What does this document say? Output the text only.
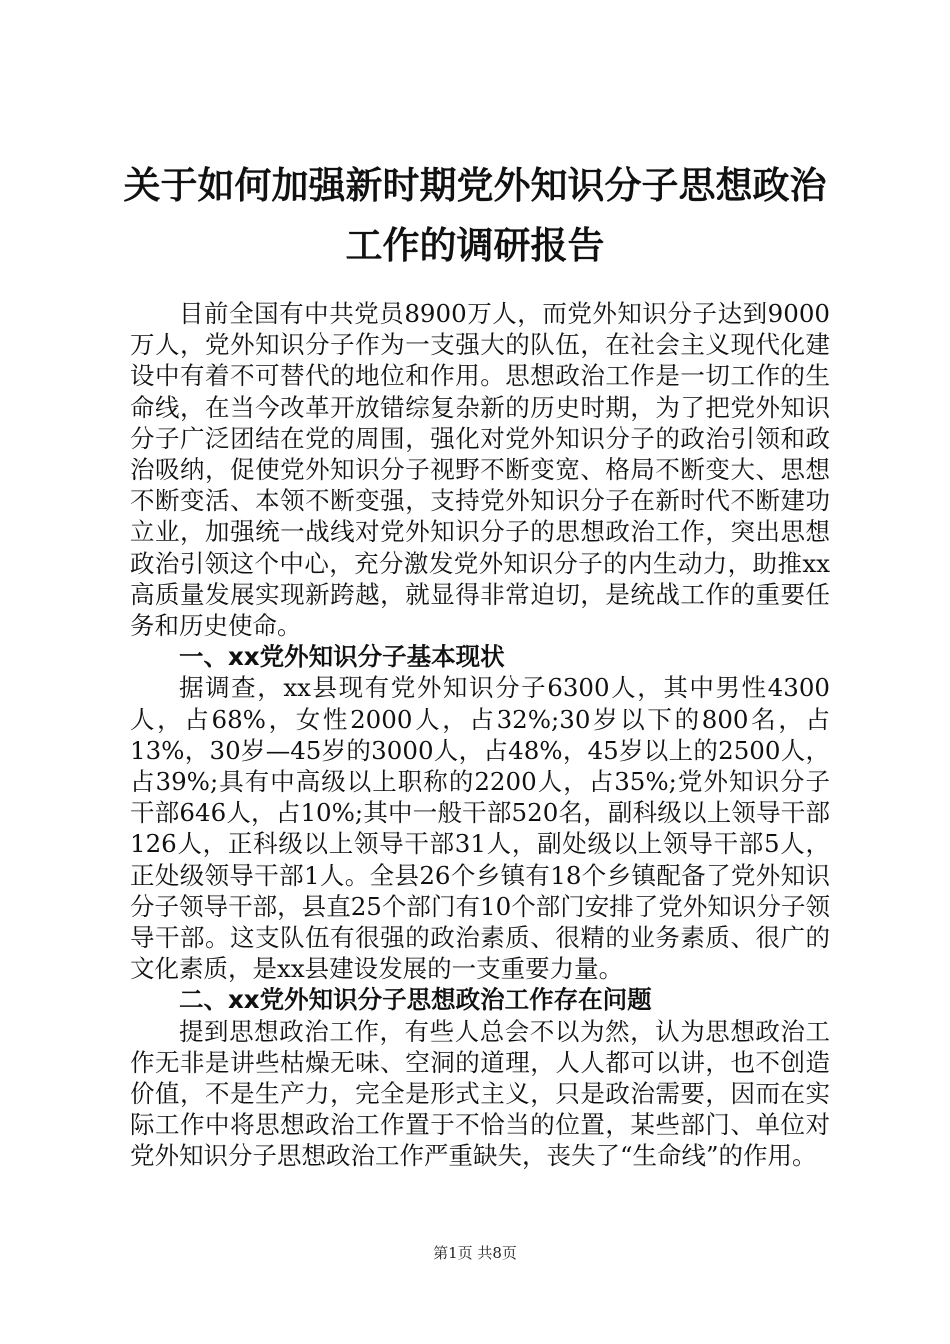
关于如何加强新时期党外知识分子思想政治工作的调研报告

目前全国有中共党员8900万人，而党外知识分子达到9000万人，党外知识分子作为一支强大的队伍，在社会主义现代化建设中有着不可替代的地位和作用。思想政治工作是一切工作的生命线，在当今改革开放错综复杂新的历史时期，为了把党外知识分子广泛团结在党的周围，强化对党外知识分子的政治引领和政治吸纳，促使党外知识分子视野不断变宽、格局不断变大、思想不断变活、本领不断变强，支持党外知识分子在新时代不断建功立业，加强统一战线对党外知识分子的思想政治工作，突出思想政治引领这个中心，充分激发党外知识分子的内生动力，助推xx高质量发展实现新跨越，就显得非常迫切，是统战工作的重要任务和历史使命。

一、xx党外知识分子基本现状

据调查，xx县现有党外知识分子6300人，其中男性4300人，占68%，女性2000人，占32%;30岁以下的800名，占13%，30岁—45岁的3000人，占48%，45岁以上的2500人，占39%;具有中高级以上职称的2200人，占35%;党外知识分子干部646人，占10%;其中一般干部520名，副科级以上领导干部126人，正科级以上领导干部31人，副处级以上领导干部5人，正处级领导干部1人。全县26个乡镇有18个乡镇配备了党外知识分子领导干部，县直25个部门有10个部门安排了党外知识分子领导干部。这支队伍有很强的政治素质、很精的业务素质、很广的文化素质，是xx县建设发展的一支重要力量。

二、xx党外知识分子思想政治工作存在问题

提到思想政治工作，有些人总会不以为然，认为思想政治工作无非是讲些枯燥无味、空洞的道理，人人都可以讲，也不创造价值，不是生产力，完全是形式主义，只是政治需要，因而在实际工作中将思想政治工作置于不恰当的位置，某些部门、单位对党外知识分子思想政治工作严重缺失，丧失了“生命线”的作用。

第1页 共8页
